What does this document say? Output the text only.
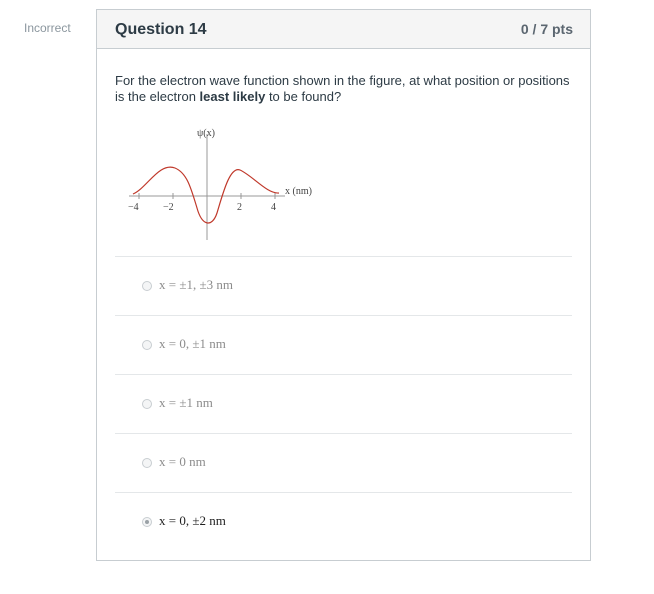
Incorrect	Question 14	0 / 7 pts
For the electron wave function shown in the figure, at what position or positions is the electron least likely to be found?
ψ(x)
x (nm)
−4 −2	2	4
x = ±1, ±3 nm
x = 0, ±1 nm
x = ±1 nm
x = 0 nm
x = 0, ±2 nm
